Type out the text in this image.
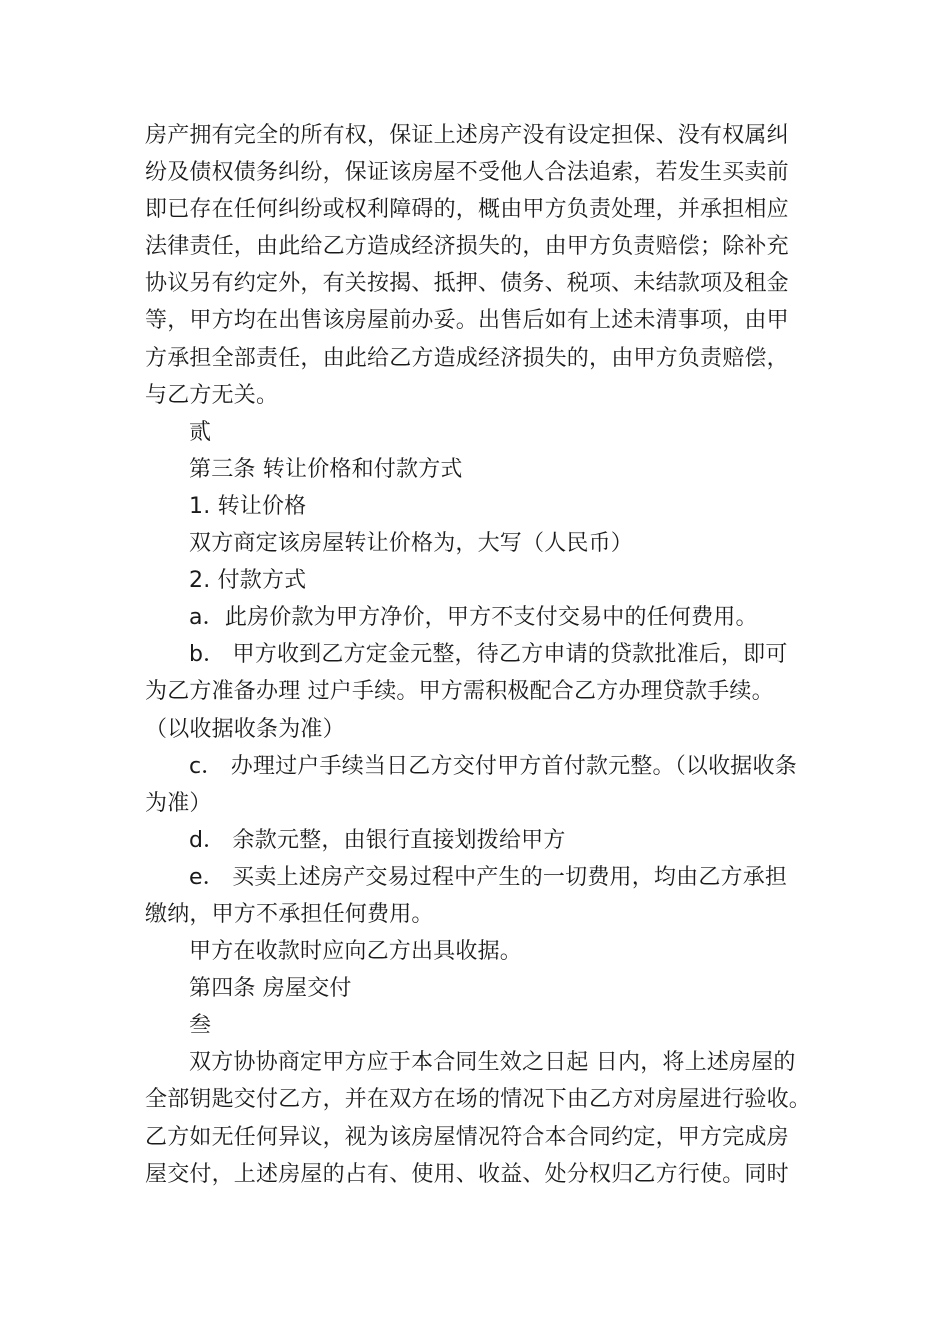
房产拥有完全的所有权，保证上述房产没有设定担保、没有权属纠
纷及债权债务纠纷，保证该房屋不受他人合法追索，若发生买卖前
即已存在任何纠纷或权利障碍的，概由甲方负责处理，并承担相应
法律责任，由此给乙方造成经济损失的，由甲方负责赔偿；除补充
协议另有约定外，有关按揭、抵押、债务、税项、未结款项及租金
等，甲方均在出售该房屋前办妥。出售后如有上述未清事项，由甲
方承担全部责任，由此给乙方造成经济损失的，由甲方负责赔偿，
与乙方无关。
贰
第三条 转让价格和付款方式
1. 转让价格
双方商定该房屋转让价格为，大写（人民币）
2. 付款方式
a．此房价款为甲方净价，甲方不支付交易中的任何费用。
b． 甲方收到乙方定金元整，待乙方申请的贷款批准后，即可
为乙方准备办理 过户手续。甲方需积极配合乙方办理贷款手续。
（以收据收条为准）
c． 办理过户手续当日乙方交付甲方首付款元整。（以收据收条
为准）
d． 余款元整，由银行直接划拨给甲方
e． 买卖上述房产交易过程中产生的一切费用，均由乙方承担
缴纳，甲方不承担任何费用。
甲方在收款时应向乙方出具收据。
第四条 房屋交付
叁
双方协协商定甲方应于本合同生效之日起 日内，将上述房屋的
全部钥匙交付乙方，并在双方在场的情况下由乙方对房屋进行验收。
乙方如无任何异议，视为该房屋情况符合本合同约定，甲方完成房
屋交付，上述房屋的占有、使用、收益、处分权归乙方行使。同时
